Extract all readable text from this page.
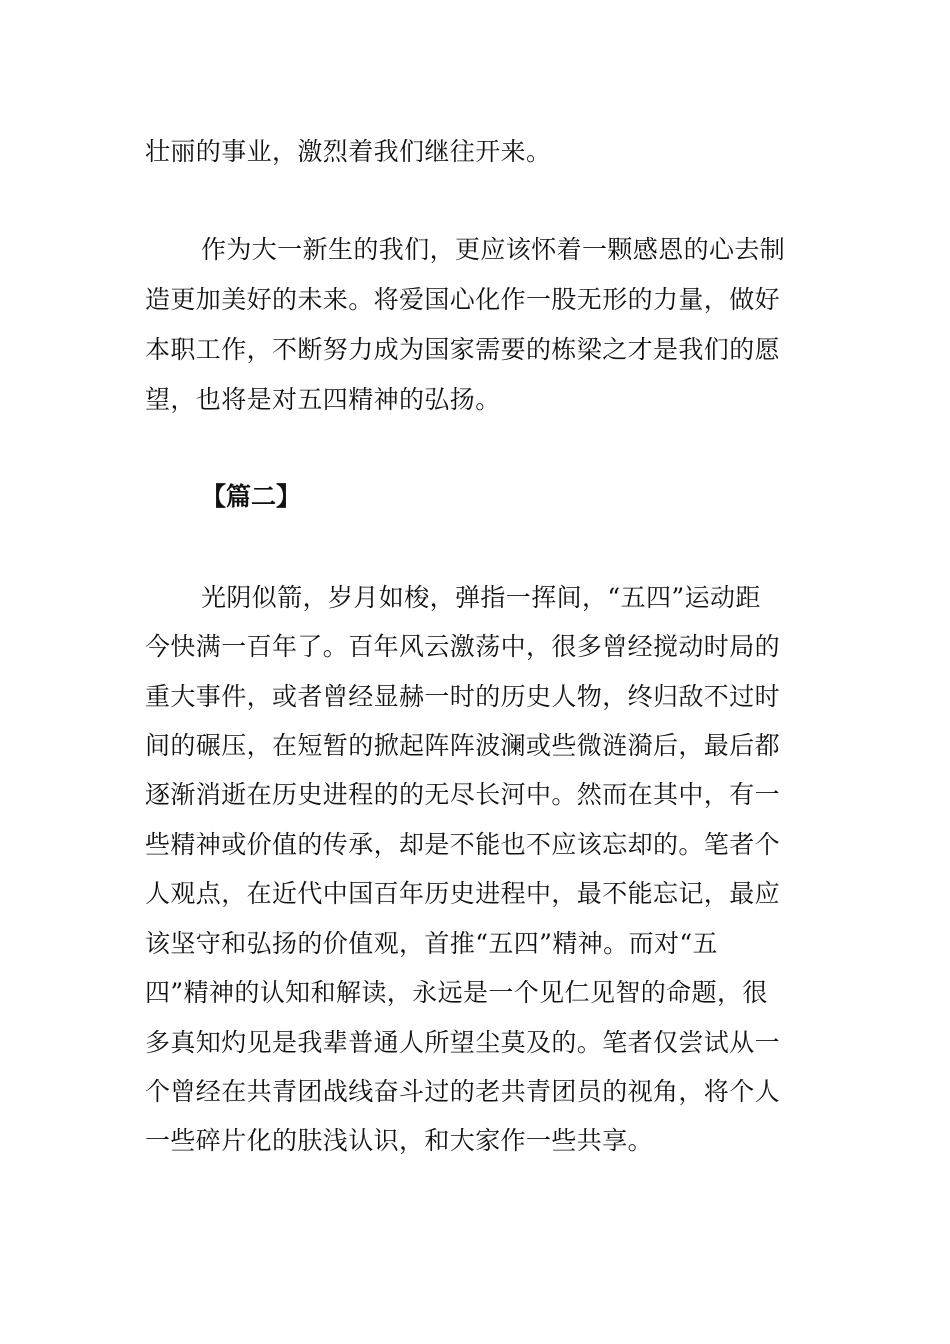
壮丽的事业，激烈着我们继往开来。
作为大一新生的我们，更应该怀着一颗感恩的心去制
造更加美好的未来。将爱国心化作一股无形的力量，做好
本职工作，不断努力成为国家需要的栋梁之才是我们的愿
望，也将是对五四精神的弘扬。
【篇二】
光阴似箭，岁月如梭，弹指一挥间，“五四”运动距
今快满一百年了。百年风云激荡中，很多曾经搅动时局的
重大事件，或者曾经显赫一时的历史人物，终归敌不过时
间的碾压，在短暂的掀起阵阵波澜或些微涟漪后，最后都
逐渐消逝在历史进程的的无尽长河中。然而在其中，有一
些精神或价值的传承，却是不能也不应该忘却的。笔者个
人观点，在近代中国百年历史进程中，最不能忘记，最应
该坚守和弘扬的价值观，首推“五四”精神。而对“五
四”精神的认知和解读，永远是一个见仁见智的命题，很
多真知灼见是我辈普通人所望尘莫及的。笔者仅尝试从一
个曾经在共青团战线奋斗过的老共青团员的视角，将个人
一些碎片化的肤浅认识，和大家作一些共享。
